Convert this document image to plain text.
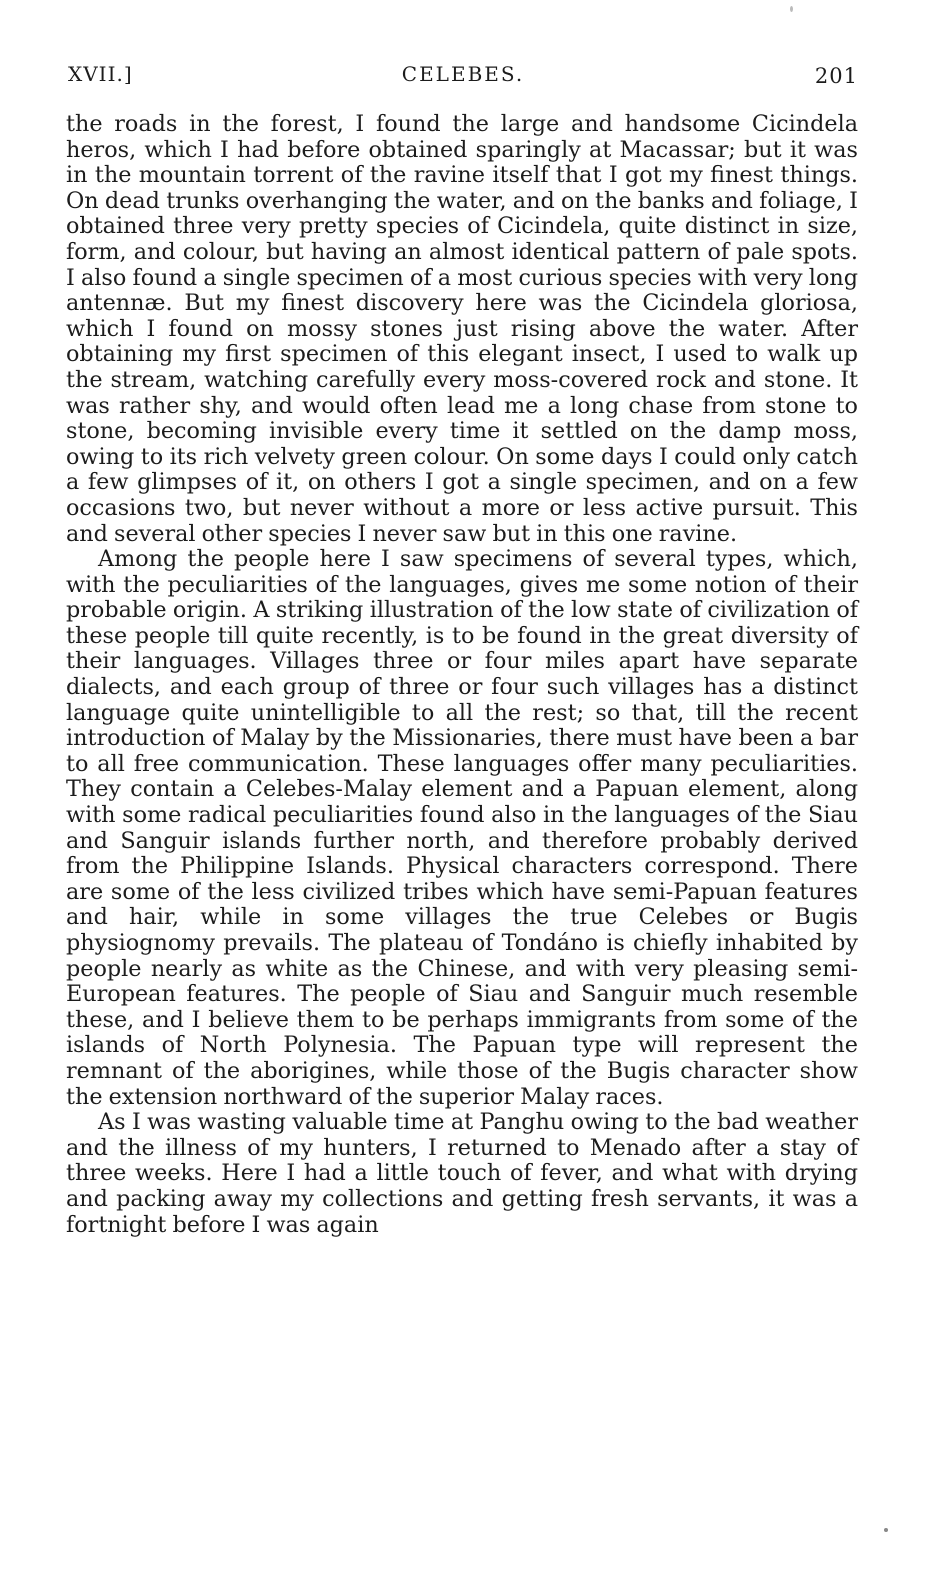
XVII.]	CELEBES.	201

the roads in the forest, I found the large and handsome Cicindela heros, which I had before obtained sparingly at Macassar; but it was in the mountain torrent of the ravine itself that I got my finest things. On dead trunks overhanging the water, and on the banks and foliage, I obtained three very pretty species of Cicindela, quite distinct in size, form, and colour, but having an almost identical pattern of pale spots. I also found a single specimen of a most curious species with very long antennæ. But my finest discovery here was the Cicindela gloriosa, which I found on mossy stones just rising above the water. After obtaining my first specimen of this elegant insect, I used to walk up the stream, watching carefully every moss-covered rock and stone. It was rather shy, and would often lead me a long chase from stone to stone, becoming invisible every time it settled on the damp moss, owing to its rich velvety green colour. On some days I could only catch a few glimpses of it, on others I got a single specimen, and on a few occasions two, but never without a more or less active pursuit. This and several other species I never saw but in this one ravine.

Among the people here I saw specimens of several types, which, with the peculiarities of the languages, gives me some notion of their probable origin. A striking illustration of the low state of civilization of these people till quite recently, is to be found in the great diversity of their languages. Villages three or four miles apart have separate dialects, and each group of three or four such villages has a distinct language quite unintelligible to all the rest; so that, till the recent introduction of Malay by the Missionaries, there must have been a bar to all free communication. These languages offer many peculiarities. They contain a Celebes-Malay element and a Papuan element, along with some radical peculiarities found also in the languages of the Siau and Sanguir islands further north, and therefore probably derived from the Philippine Islands. Physical characters correspond. There are some of the less civilized tribes which have semi-Papuan features and hair, while in some villages the true Celebes or Bugis physiognomy prevails. The plateau of Tondáno is chiefly inhabited by people nearly as white as the Chinese, and with very pleasing semi-European features. The people of Siau and Sanguir much resemble these, and I believe them to be perhaps immigrants from some of the islands of North Polynesia. The Papuan type will represent the remnant of the aborigines, while those of the Bugis character show the extension northward of the superior Malay races.

As I was wasting valuable time at Panghu owing to the bad weather and the illness of my hunters, I returned to Menado after a stay of three weeks. Here I had a little touch of fever, and what with drying and packing away my collections and getting fresh servants, it was a fortnight before I was again
